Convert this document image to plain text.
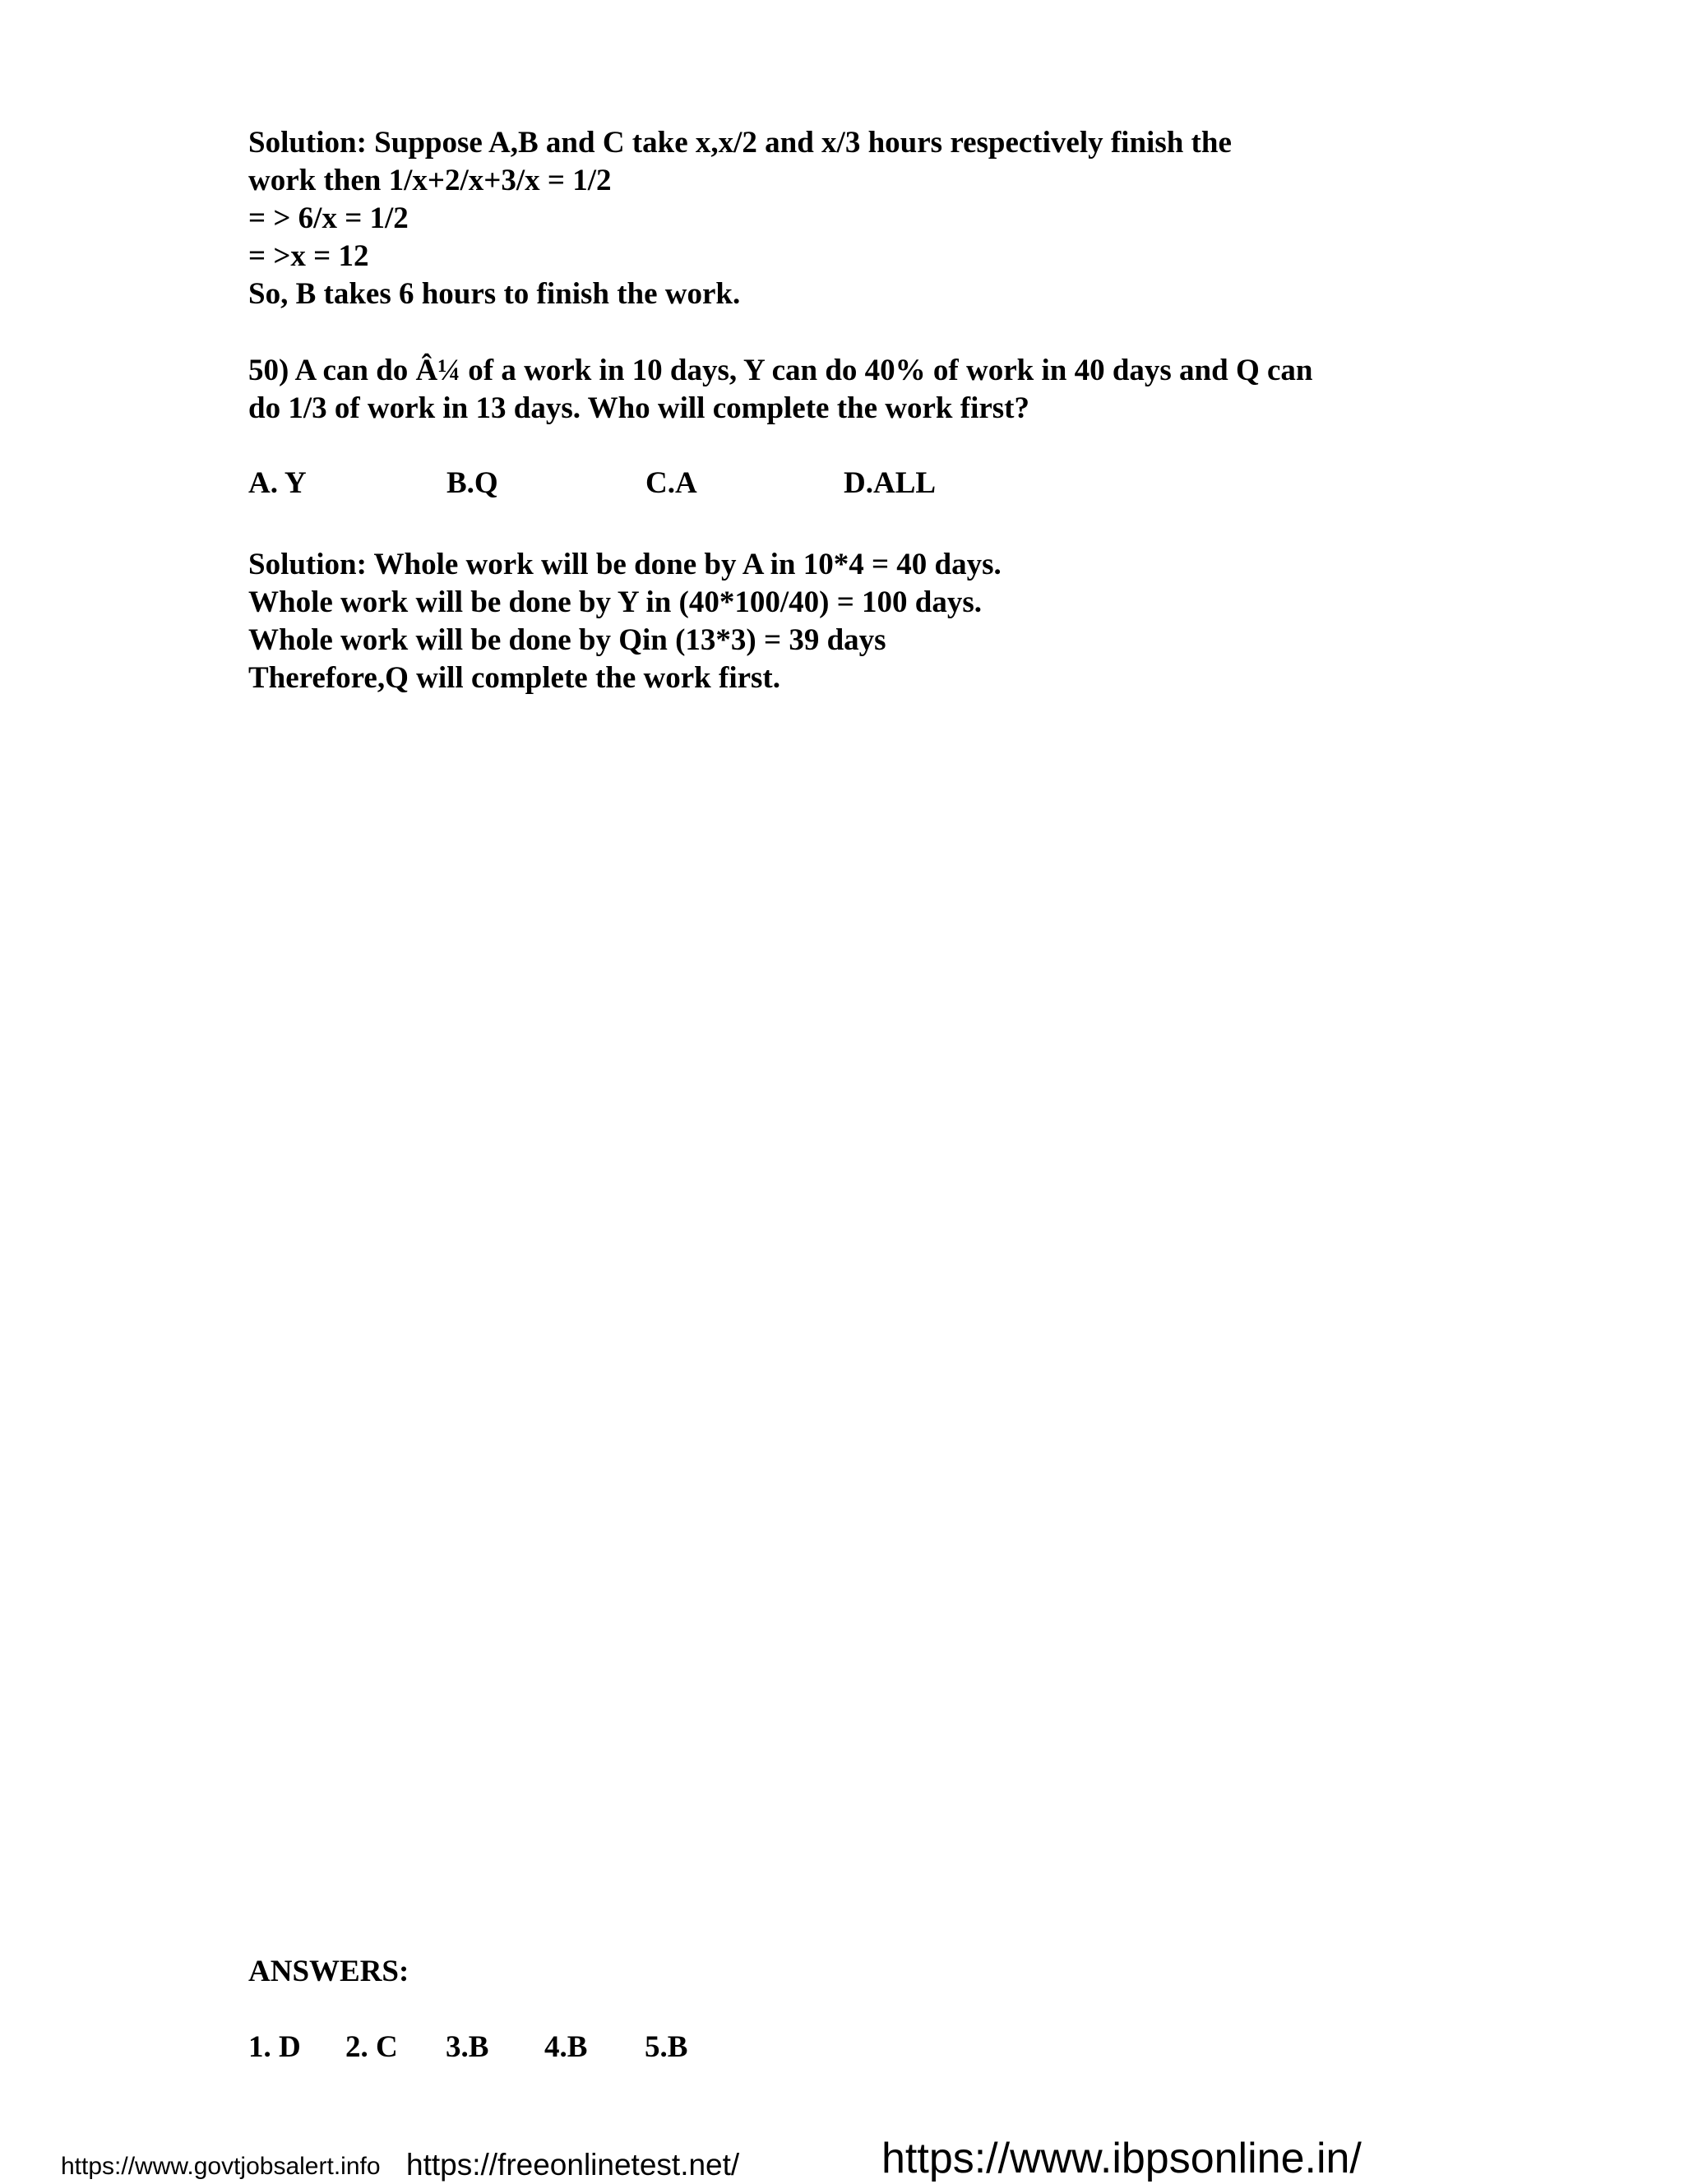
Solution: Suppose A,B and C take x,x/2 and x/3 hours respectively finish the
work then 1/x+2/x+3/x = 1/2
= > 6/x = 1/2
= >x = 12
So, B takes 6 hours to finish the work.
50) A can do Â¼ of a work in 10 days, Y can do 40% of work in 40 days and Q can
do 1/3 of work in 13 days. Who will complete the work first?
A. Y	B.Q	C.A	D.ALL
Solution: Whole work will be done by A in 10*4 = 40 days.
Whole work will be done by Y in (40*100/40) = 100 days.
Whole work will be done by Qin (13*3) = 39 days
Therefore,Q will complete the work first.
ANSWERS:
1. D 2. C 3.B 4.B 5.B
https://www.govtjobsalert.info https://freeonlinetest.net/	https://www.ibpsonline.in/
